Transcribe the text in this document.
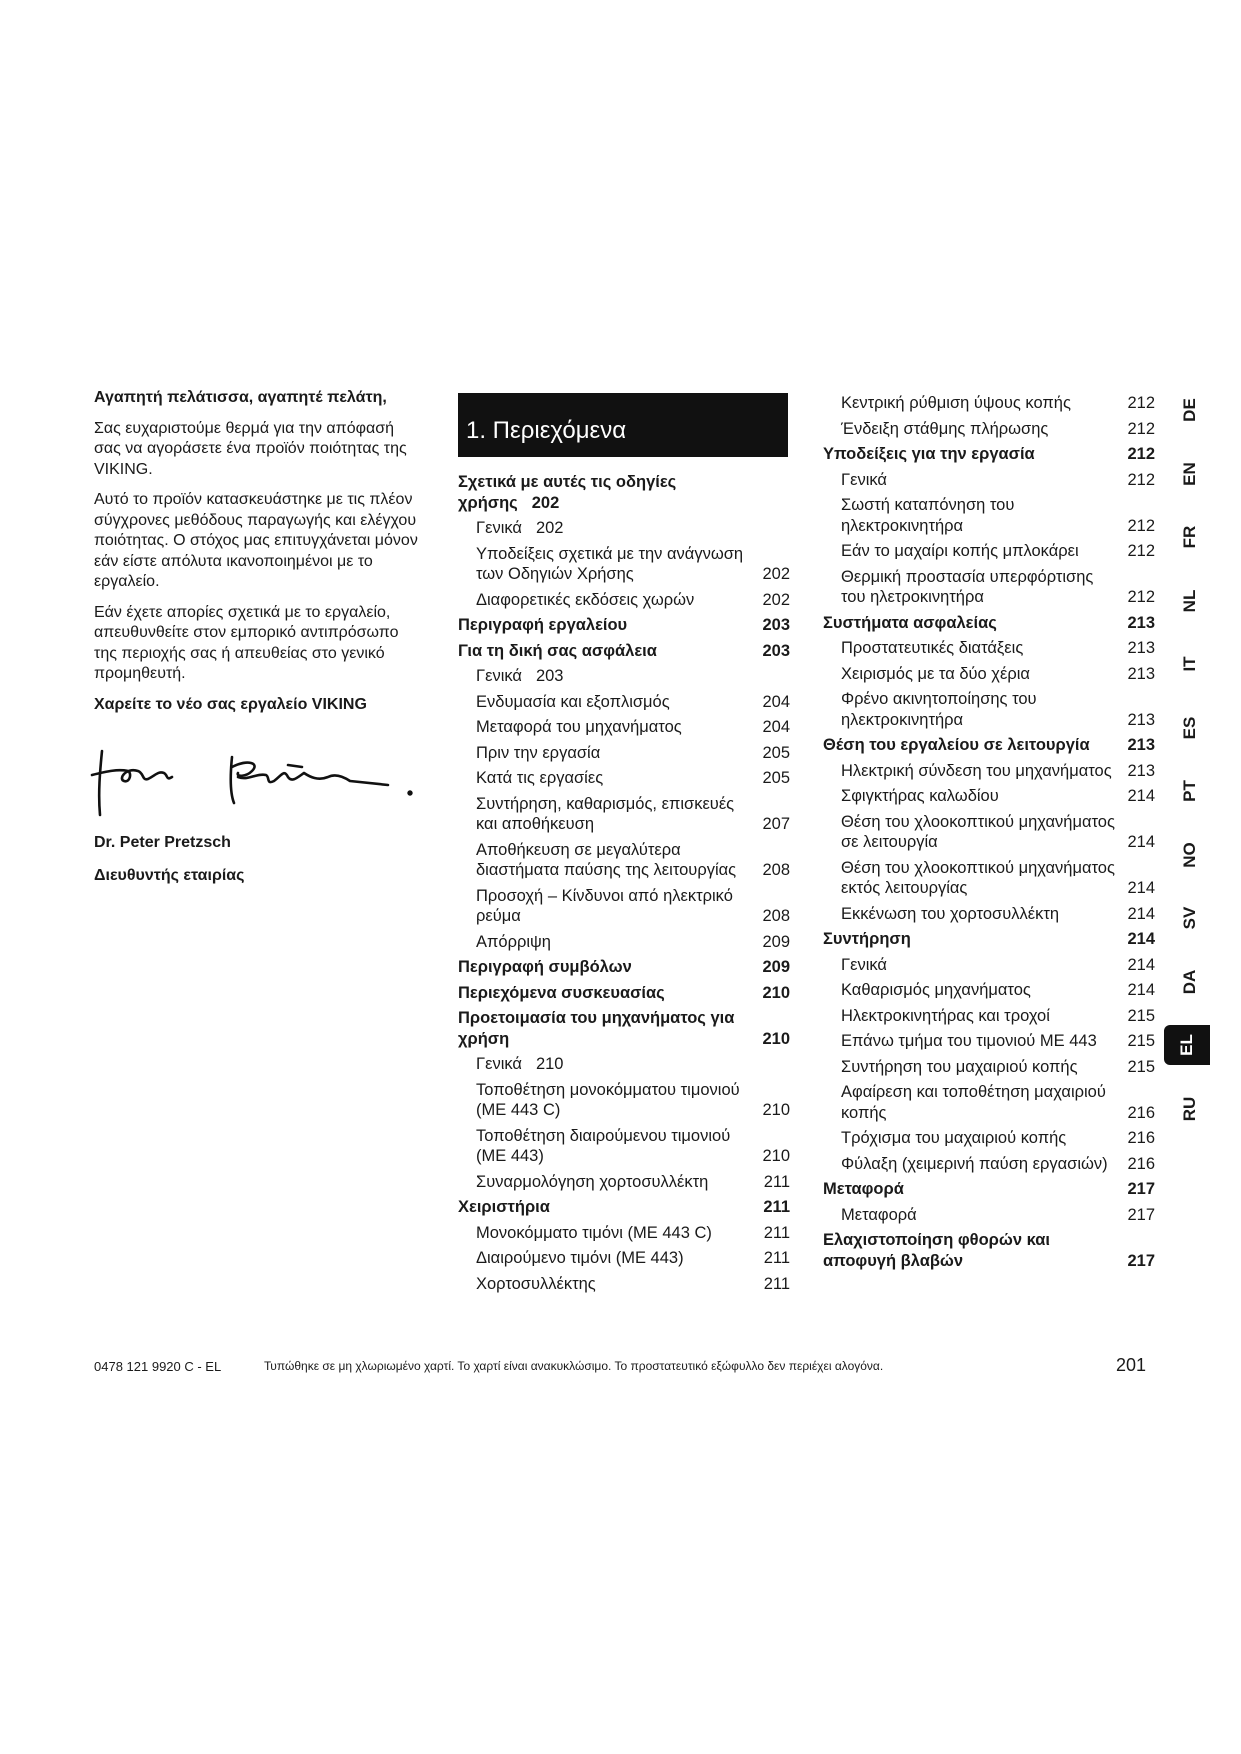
Αγαπητή πελάτισσα, αγαπητέ πελάτη,

Σας ευχαριστούμε θερμά για την απόφασή σας να αγοράσετε ένα προϊόν ποιότητας της VIKING.

Αυτό το προϊόν κατασκευάστηκε με τις πλέον σύγχρονες μεθόδους παραγωγής και ελέγχου ποιότητας. Ο στόχος μας επιτυγχάνεται μόνον εάν είστε απόλυτα ικανοποιημένοι με το εργαλείο.

Εάν έχετε απορίες σχετικά με το εργαλείο, απευθυνθείτε στον εμπορικό αντιπρόσωπο της περιοχής σας ή απευθείας στο γενικό προμηθευτή.

Χαρείτε το νέο σας εργαλείο VIKING

Dr. Peter Pretzsch

Διευθυντής εταιρίας

1. Περιεχόμενα
Σχετικά με αυτές τις οδηγίες χρήσης 202
Γενικά 202
Υποδείξεις σχετικά με την ανάγνωση των Οδηγιών Χρήσης	202
Διαφορετικές εκδόσεις χωρών	202
Περιγραφή εργαλείου	203
Για τη δική σας ασφάλεια	203
Γενικά 203
Ενδυμασία και εξοπλισμός	204
Μεταφορά του μηχανήματος	204
Πριν την εργασία	205
Κατά τις εργασίες	205
Συντήρηση, καθαρισμός, επισκευές και αποθήκευση	207
Αποθήκευση σε μεγαλύτερα διαστήματα παύσης της λειτουργίας 208
Προσοχή – Κίνδυνοι από ηλεκτρικό ρεύμα	208
Απόρριψη	209
Περιγραφή συμβόλων	209
Περιεχόμενα συσκευασίας	210
Προετοιμασία του μηχανήματος για χρήση	210
Γενικά 210
Τοποθέτηση μονοκόμματου τιμονιού (ME 443 C)	210
Τοποθέτηση διαιρούμενου τιμονιού (ME 443)	210
Συναρμολόγηση χορτοσυλλέκτη	211
Χειριστήρια	211
Μονοκόμματο τιμόνι (ME 443 C)	211
Διαιρούμενο τιμόνι (ME 443)	211
Χορτοσυλλέκτης	211
Κεντρική ρύθμιση ύψους κοπής	212
Ένδειξη στάθμης πλήρωσης	212
Υποδείξεις για την εργασία	212
Γενικά	212
Σωστή καταπόνηση του ηλεκτροκινητήρα	212
Εάν το μαχαίρι κοπής μπλοκάρει	212
Θερμική προστασία υπερφόρτισης του ηλετροκινητήρα	212
Συστήματα ασφαλείας	213
Προστατευτικές διατάξεις	213
Χειρισμός με τα δύο χέρια	213
Φρένο ακινητοποίησης του ηλεκτροκινητήρα	213
Θέση του εργαλείου σε λειτουργία 213
Ηλεκτρική σύνδεση του μηχανήματος 213
Σφιγκτήρας καλωδίου	214
Θέση του χλοοκοπτικού μηχανήματος σε λειτουργία	214
Θέση του χλοοκοπτικού μηχανήματος εκτός λειτουργίας	214
Εκκένωση του χορτοσυλλέκτη	214
Συντήρηση	214
Γενικά	214
Καθαρισμός μηχανήματος	214
Ηλεκτροκινητήρας και τροχοί	215
Επάνω τμήμα του τιμονιού ME 443 215
Συντήρηση του μαχαιριού κοπής	215
Αφαίρεση και τοποθέτηση μαχαιριού κοπής	216
Τρόχισμα του μαχαιριού κοπής	216
Φύλαξη (χειμερινή παύση εργασιών) 216
Μεταφορά	217
Μεταφορά	217
Ελαχιστοποίηση φθορών και αποφυγή βλαβών	217
DE
EN
FR
NL
IT
ES
PT
NO
SV
DA
EL
RU
0478 121 9920 C - EL	Τυπώθηκε σε μη χλωριωμένο χαρτί. Το χαρτί είναι ανακυκλώσιμο. Το προστατευτικό εξώφυλλο δεν περιέχει αλογόνα.	201
